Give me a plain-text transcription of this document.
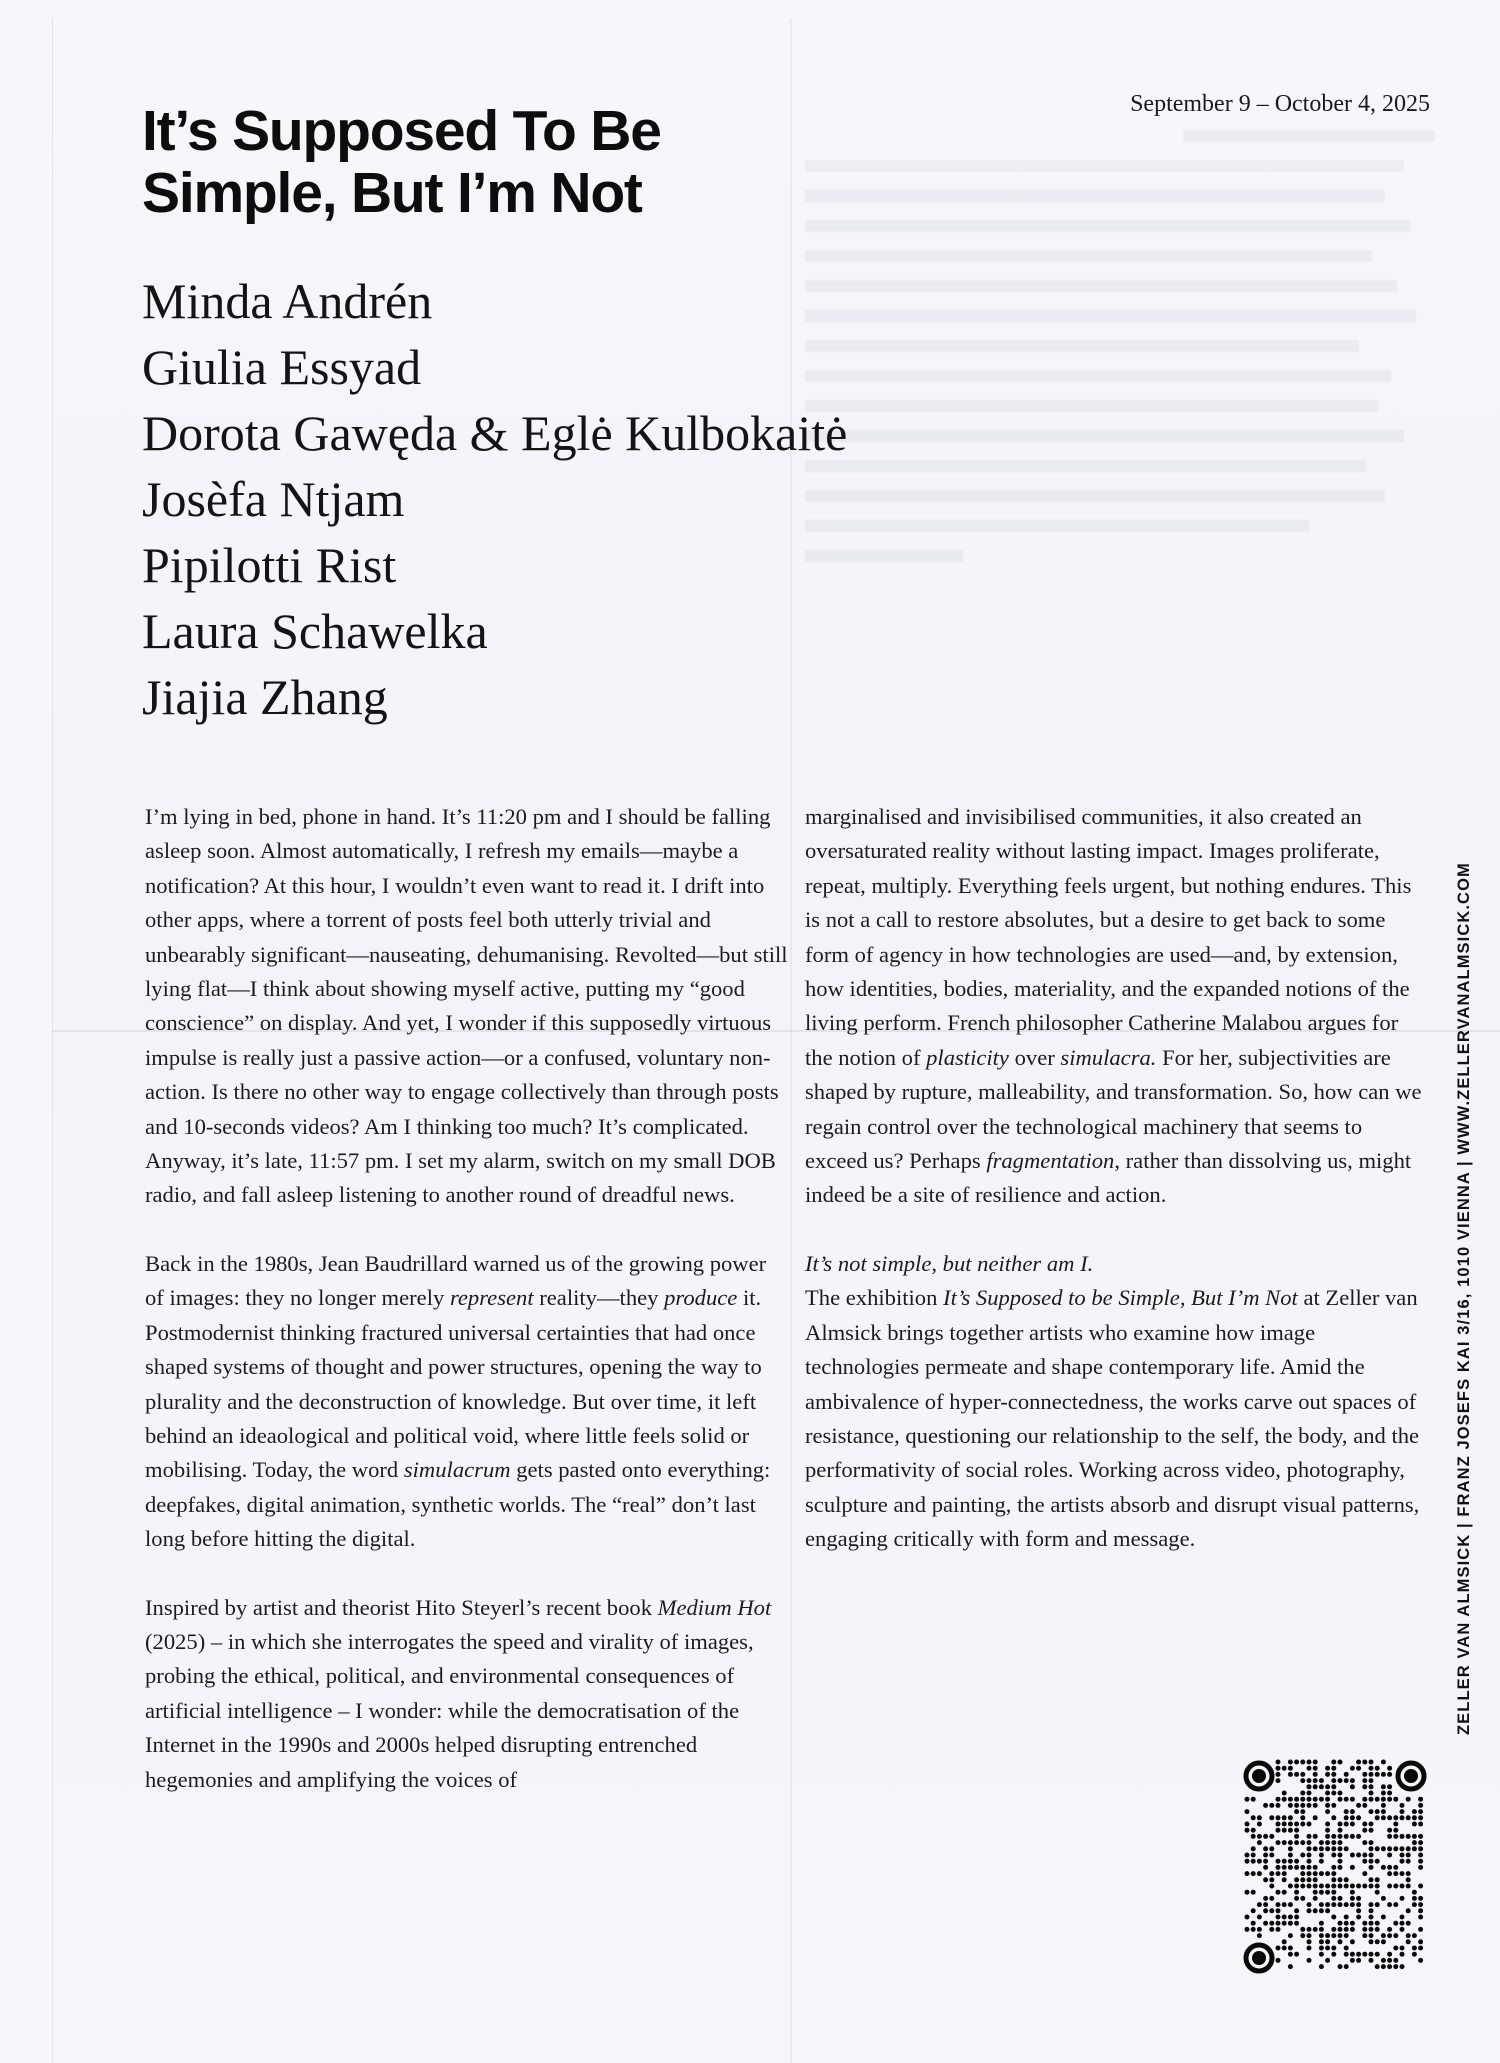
It’s Supposed To Be
Simple, But I’m Not
September 9 – October 4, 2025
Minda Andrén
Giulia Essyad
Dorota Gawęda & Eglė Kulbokaitė
Josèfa Ntjam
Pipilotti Rist
Laura Schawelka
Jiajia Zhang

I’m lying in bed, phone in hand. It’s 11:20 pm and I should be falling asleep soon. Almost automatically, I refresh my emails—maybe a notification? At this hour, I wouldn’t even want to read it. I drift into other apps, where a torrent of posts feel both utterly trivial and unbearably significant—nauseating, dehumanising. Revolted—but still lying flat—I think about showing myself active, putting my “good conscience” on display. And yet, I wonder if this supposedly virtuous impulse is really just a passive action—or a confused, voluntary non-action. Is there no other way to engage collectively than through posts and 10-seconds videos? Am I thinking too much? It’s complicated. Anyway, it’s late, 11:57 pm. I set my alarm, switch on my small DOB radio, and fall asleep listening to another round of dreadful news.

Back in the 1980s, Jean Baudrillard warned us of the growing power of images: they no longer merely represent reality—they produce it. Postmodernist thinking fractured universal certainties that had once shaped systems of thought and power structures, opening the way to plurality and the deconstruction of knowledge. But over time, it left behind an ideaological and political void, where little feels solid or mobilising. Today, the word simulacrum gets pasted onto everything: deepfakes, digital animation, synthetic worlds. The “real” don’t last long before hitting the digital.

Inspired by artist and theorist Hito Steyerl’s recent book Medium Hot (2025) – in which she interrogates the speed and virality of images, probing the ethical, political, and environmental consequences of artificial intelligence – I wonder: while the democratisation of the Internet in the 1990s and 2000s helped disrupting entrenched hegemonies and amplifying the voices of

marginalised and invisibilised communities, it also created an oversaturated reality without lasting impact. Images proliferate, repeat, multiply. Everything feels urgent, but nothing endures. This is not a call to restore absolutes, but a desire to get back to some form of agency in how technologies are used—and, by extension, how identities, bodies, materiality, and the expanded notions of the living perform. French philosopher Catherine Malabou argues for the notion of plasticity over simulacra. For her, subjectivities are shaped by rupture, malleability, and transformation. So, how can we regain control over the technological machinery that seems to exceed us? Perhaps fragmentation, rather than dissolving us, might indeed be a site of resilience and action.

It’s not simple, but neither am I.
The exhibition It’s Supposed to be Simple, But I’m Not at Zeller van Almsick brings together artists who examine how image technologies permeate and shape contemporary life. Amid the ambivalence of hyper-connectedness, the works carve out spaces of resistance, questioning our relationship to the self, the body, and the performativity of social roles. Working across video, photography, sculpture and painting, the artists absorb and disrupt visual patterns, engaging critically with form and message.	ZELLER VAN ALMSICK | FRANZ JOSEFS KAI 3/16, 1010 VIENNA | WWW.ZELLERVANALMSICK.COM
